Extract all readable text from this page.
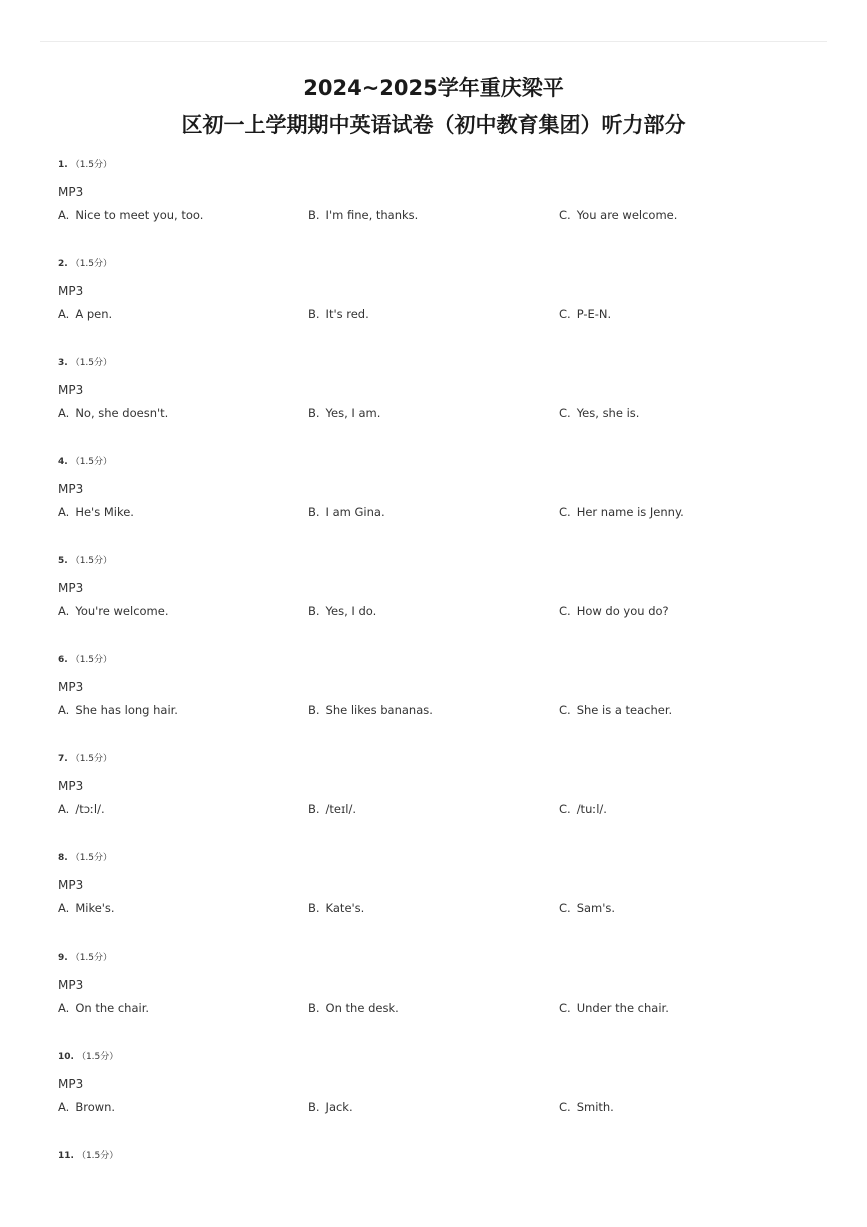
2024~2025学年重庆梁平
区初一上学期期中英语试卷（初中教育集团）听力部分
1. （1.5分）
MP3
A. Nice to meet you, too.	B. I'm fine, thanks.	C. You are welcome.
2. （1.5分）
MP3
A. A pen.	B. It's red.	C. P-E-N.
3. （1.5分）
MP3
A. No, she doesn't.	B. Yes, I am.	C. Yes, she is.
4. （1.5分）
MP3
A. He's Mike.	B. I am Gina.	C. Her name is Jenny.
5. （1.5分）
MP3
A. You're welcome.	B. Yes, I do.	C. How do you do?
6. （1.5分）
MP3
A. She has long hair.	B. She likes bananas.	C. She is a teacher.
7. （1.5分）
MP3
A. /tɔːl/.	B. /teɪl/.	C. /tuːl/.
8. （1.5分）
MP3
A. Mike's.	B. Kate's.	C. Sam's.
9. （1.5分）
MP3
A. On the chair.	B. On the desk.	C. Under the chair.
10. （1.5分）
MP3
A. Brown.	B. Jack.	C. Smith.
11. （1.5分）
